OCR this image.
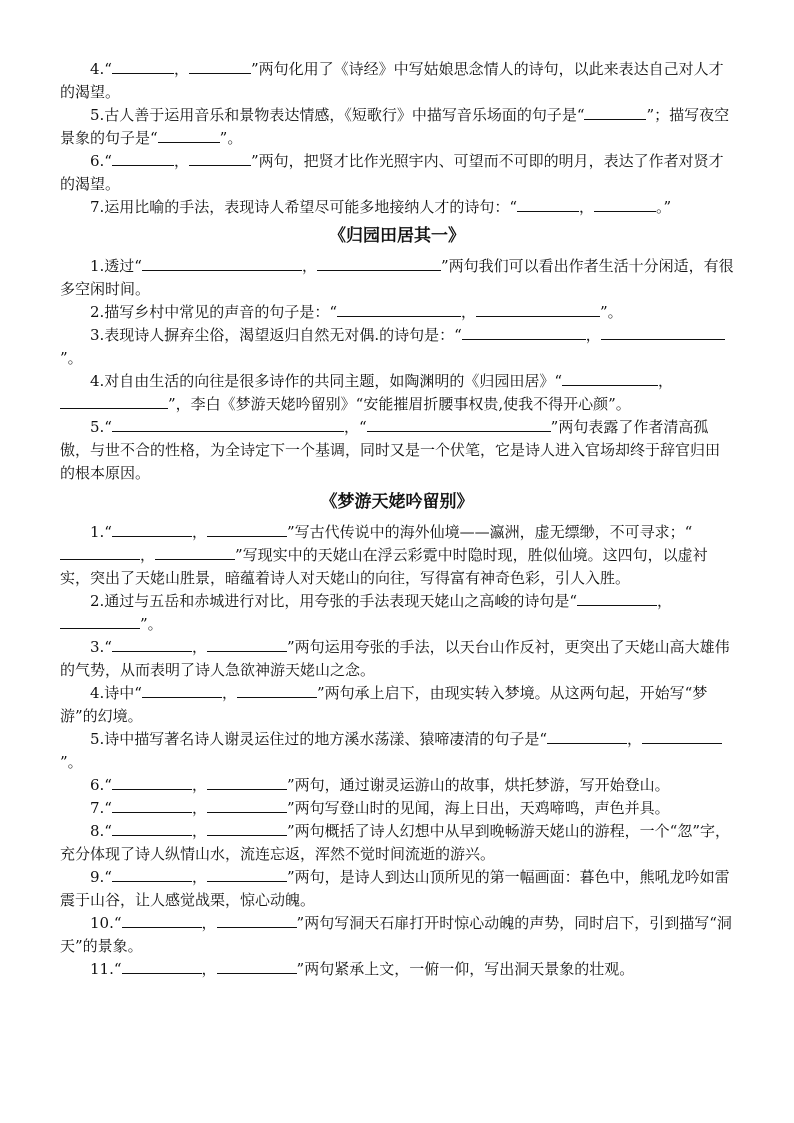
4.“	，	”两句化用了《诗经》中写姑娘思念情人的诗句，以此来表达自己对人才的渴望。

5.古人善于运用音乐和景物表达情感，《短歌行》中描写音乐场面的句子是“	”；描写夜空景象的句子是“	”。

6.“	，	”两句，把贤才比作光照宇内、可望而不可即的明月，表达了作者对贤才的渴望。

7.运用比喻的手法，表现诗人希望尽可能多地接纳人才的诗句：“	，	。”

《归园田居其一》

1.透过“	，	”两句我们可以看出作者生活十分闲适，有很多空闲时间。

2.描写乡村中常见的声音的句子是：“	，	”。

3.表现诗人摒弃尘俗，渴望返归自然无对偶.的诗句是：“	，”。

4.对自由生活的向往是很多诗作的共同主题，如陶渊明的《归园田居》“	，”，李白《梦游天姥吟留别》“安能摧眉折腰事权贵,使我不得开心颜”。

5.“	，“	”两句表露了作者清高孤傲，与世不合的性格，为全诗定下一个基调，同时又是一个伏笔，它是诗人进入官场却终于辞官归田的根本原因。

《梦游天姥吟留别》

1.“	，	”写古代传说中的海外仙境——瀛洲，虚无缥缈，不可寻求；“，	”写现实中的天姥山在浮云彩霓中时隐时现，胜似仙境。这四句，以虚衬实，突出了天姥山胜景，暗蕴着诗人对天姥山的向往，写得富有神奇色彩，引人入胜。

2.通过与五岳和赤城进行对比，用夸张的手法表现天姥山之高峻的诗句是“	，”。

3.“	，	”两句运用夸张的手法，以天台山作反衬，更突出了天姥山高大雄伟的气势，从而表明了诗人急欲神游天姥山之念。

4.诗中“	，	”两句承上启下，由现实转入梦境。从这两句起，开始写“梦游”的幻境。

5.诗中描写著名诗人谢灵运住过的地方溪水荡漾、猿啼凄清的句子是“	，”。

6.“	，	”两句，通过谢灵运游山的故事，烘托梦游，写开始登山。

7.“	，	”两句写登山时的见闻，海上日出，天鸡啼鸣，声色并具。

8.“	，	”两句概括了诗人幻想中从早到晚畅游天姥山的游程，一个“忽”字，充分体现了诗人纵情山水，流连忘返，浑然不觉时间流逝的游兴。

9.“	，	”两句，是诗人到达山顶所见的第一幅画面：暮色中，熊吼龙吟如雷震于山谷，让人感觉战栗，惊心动魄。

10.“	，	”两句写洞天石扉打开时惊心动魄的声势，同时启下，引到描写“洞天”的景象。

11.“	，	”两句紧承上文，一俯一仰，写出洞天景象的壮观。
